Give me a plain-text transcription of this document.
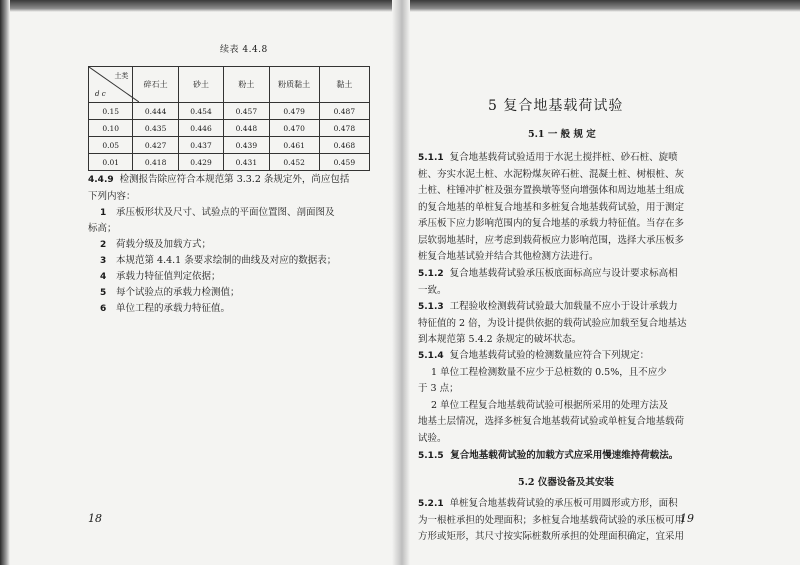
续表 4.4.8
土类
d c	碎石土	砂土	粉土	粉质黏土	黏土
0.15	0.444	0.454	0.457	0.479	0.487
0.10	0.435	0.446	0.448	0.470	0.478
0.05	0.427	0.437	0.439	0.461	0.468
0.01	0.418	0.429	0.431	0.452	0.459
4.4.9 检测报告除应符合本规范第 3.3.2 条规定外，尚应包括
下列内容：
1 承压板形状及尺寸、试验点的平面位置图、剖面图及
标高；
2 荷载分级及加载方式；
3 本规范第 4.4.1 条要求绘制的曲线及对应的数据表；
4 承载力特征值判定依据；
5 每个试验点的承载力检测值；
6 单位工程的承载力特征值。
18
5 复合地基载荷试验
5.1 一 般 规 定
5.1.1 复合地基载荷试验适用于水泥土搅拌桩、砂石桩、旋喷
桩、夯实水泥土桩、水泥粉煤灰碎石桩、混凝土桩、树根桩、灰
土桩、柱锤冲扩桩及强夯置换墩等竖向增强体和周边地基土组成
的复合地基的单桩复合地基和多桩复合地基载荷试验，用于测定
承压板下应力影响范围内的复合地基的承载力特征值。当存在多
层软弱地基时，应考虑到载荷板应力影响范围，选择大承压板多
桩复合地基试验并结合其他检测方法进行。
5.1.2 复合地基载荷试验承压板底面标高应与设计要求标高相
一致。
5.1.3 工程验收检测载荷试验最大加载量不应小于设计承载力
特征值的 2 倍，为设计提供依据的载荷试验应加载至复合地基达
到本规范第 5.4.2 条规定的破坏状态。
5.1.4 复合地基载荷试验的检测数量应符合下列规定：
1 单位工程检测数量不应少于总桩数的 0.5%，且不应少
于 3 点；
2 单位工程复合地基载荷试验可根据所采用的处理方法及
地基土层情况，选择多桩复合地基载荷试验或单桩复合地基载荷
试验。
5.1.5 复合地基载荷试验的加载方式应采用慢速维持荷载法。
5.2 仪器设备及其安装
5.2.1 单桩复合地基载荷试验的承压板可用圆形或方形，面积
为一根桩承担的处理面积；多桩复合地基载荷试验的承压板可用
方形或矩形，其尺寸按实际桩数所承担的处理面积确定，宜采用
19
